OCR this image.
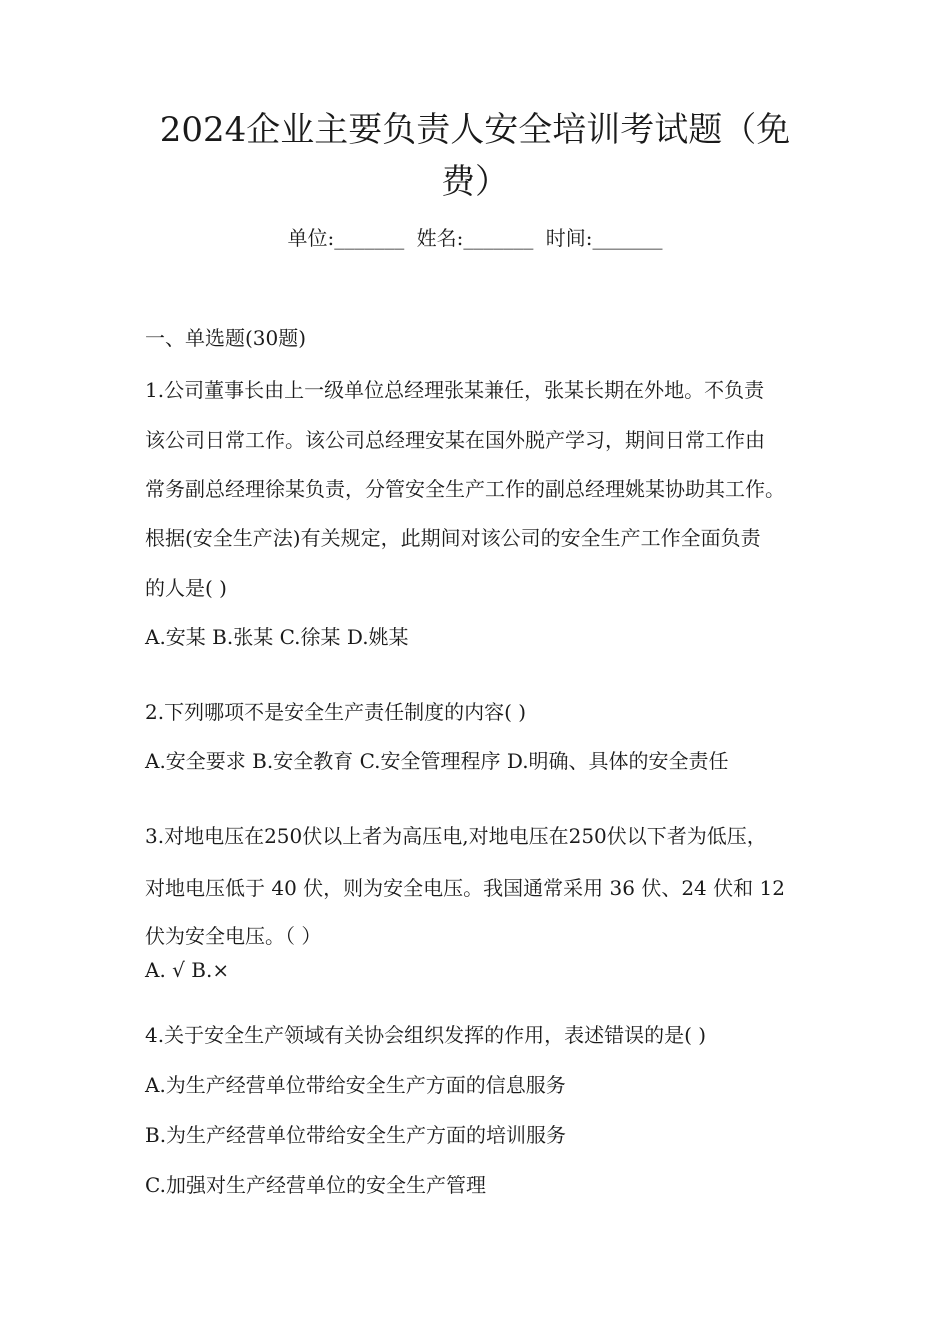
2024企业主要负责人安全培训考试题（免
费）
单位:_______ 姓名:_______ 时间:_______
一、单选题(30题)
1.公司董事长由上一级单位总经理张某兼任，张某长期在外地。不负责
该公司日常工作。该公司总经理安某在国外脱产学习，期间日常工作由
常务副总经理徐某负责，分管安全生产工作的副总经理姚某协助其工作。
根据(安全生产法)有关规定，此期间对该公司的安全生产工作全面负责
的人是( )
A.安某 B.张某 C.徐某 D.姚某
2.下列哪项不是安全生产责任制度的内容( )
A.安全要求 B.安全教育 C.安全管理程序 D.明确、具体的安全责任
3.对地电压在250伏以上者为高压电,对地电压在250伏以下者为低压，
对地电压低于 40 伏，则为安全电压。我国通常采用 36 伏、24 伏和 12
伏为安全电压。（ ）
A. √ B.×
4.关于安全生产领域有关协会组织发挥的作用，表述错误的是( )
A.为生产经营单位带给安全生产方面的信息服务
B.为生产经营单位带给安全生产方面的培训服务
C.加强对生产经营单位的安全生产管理
